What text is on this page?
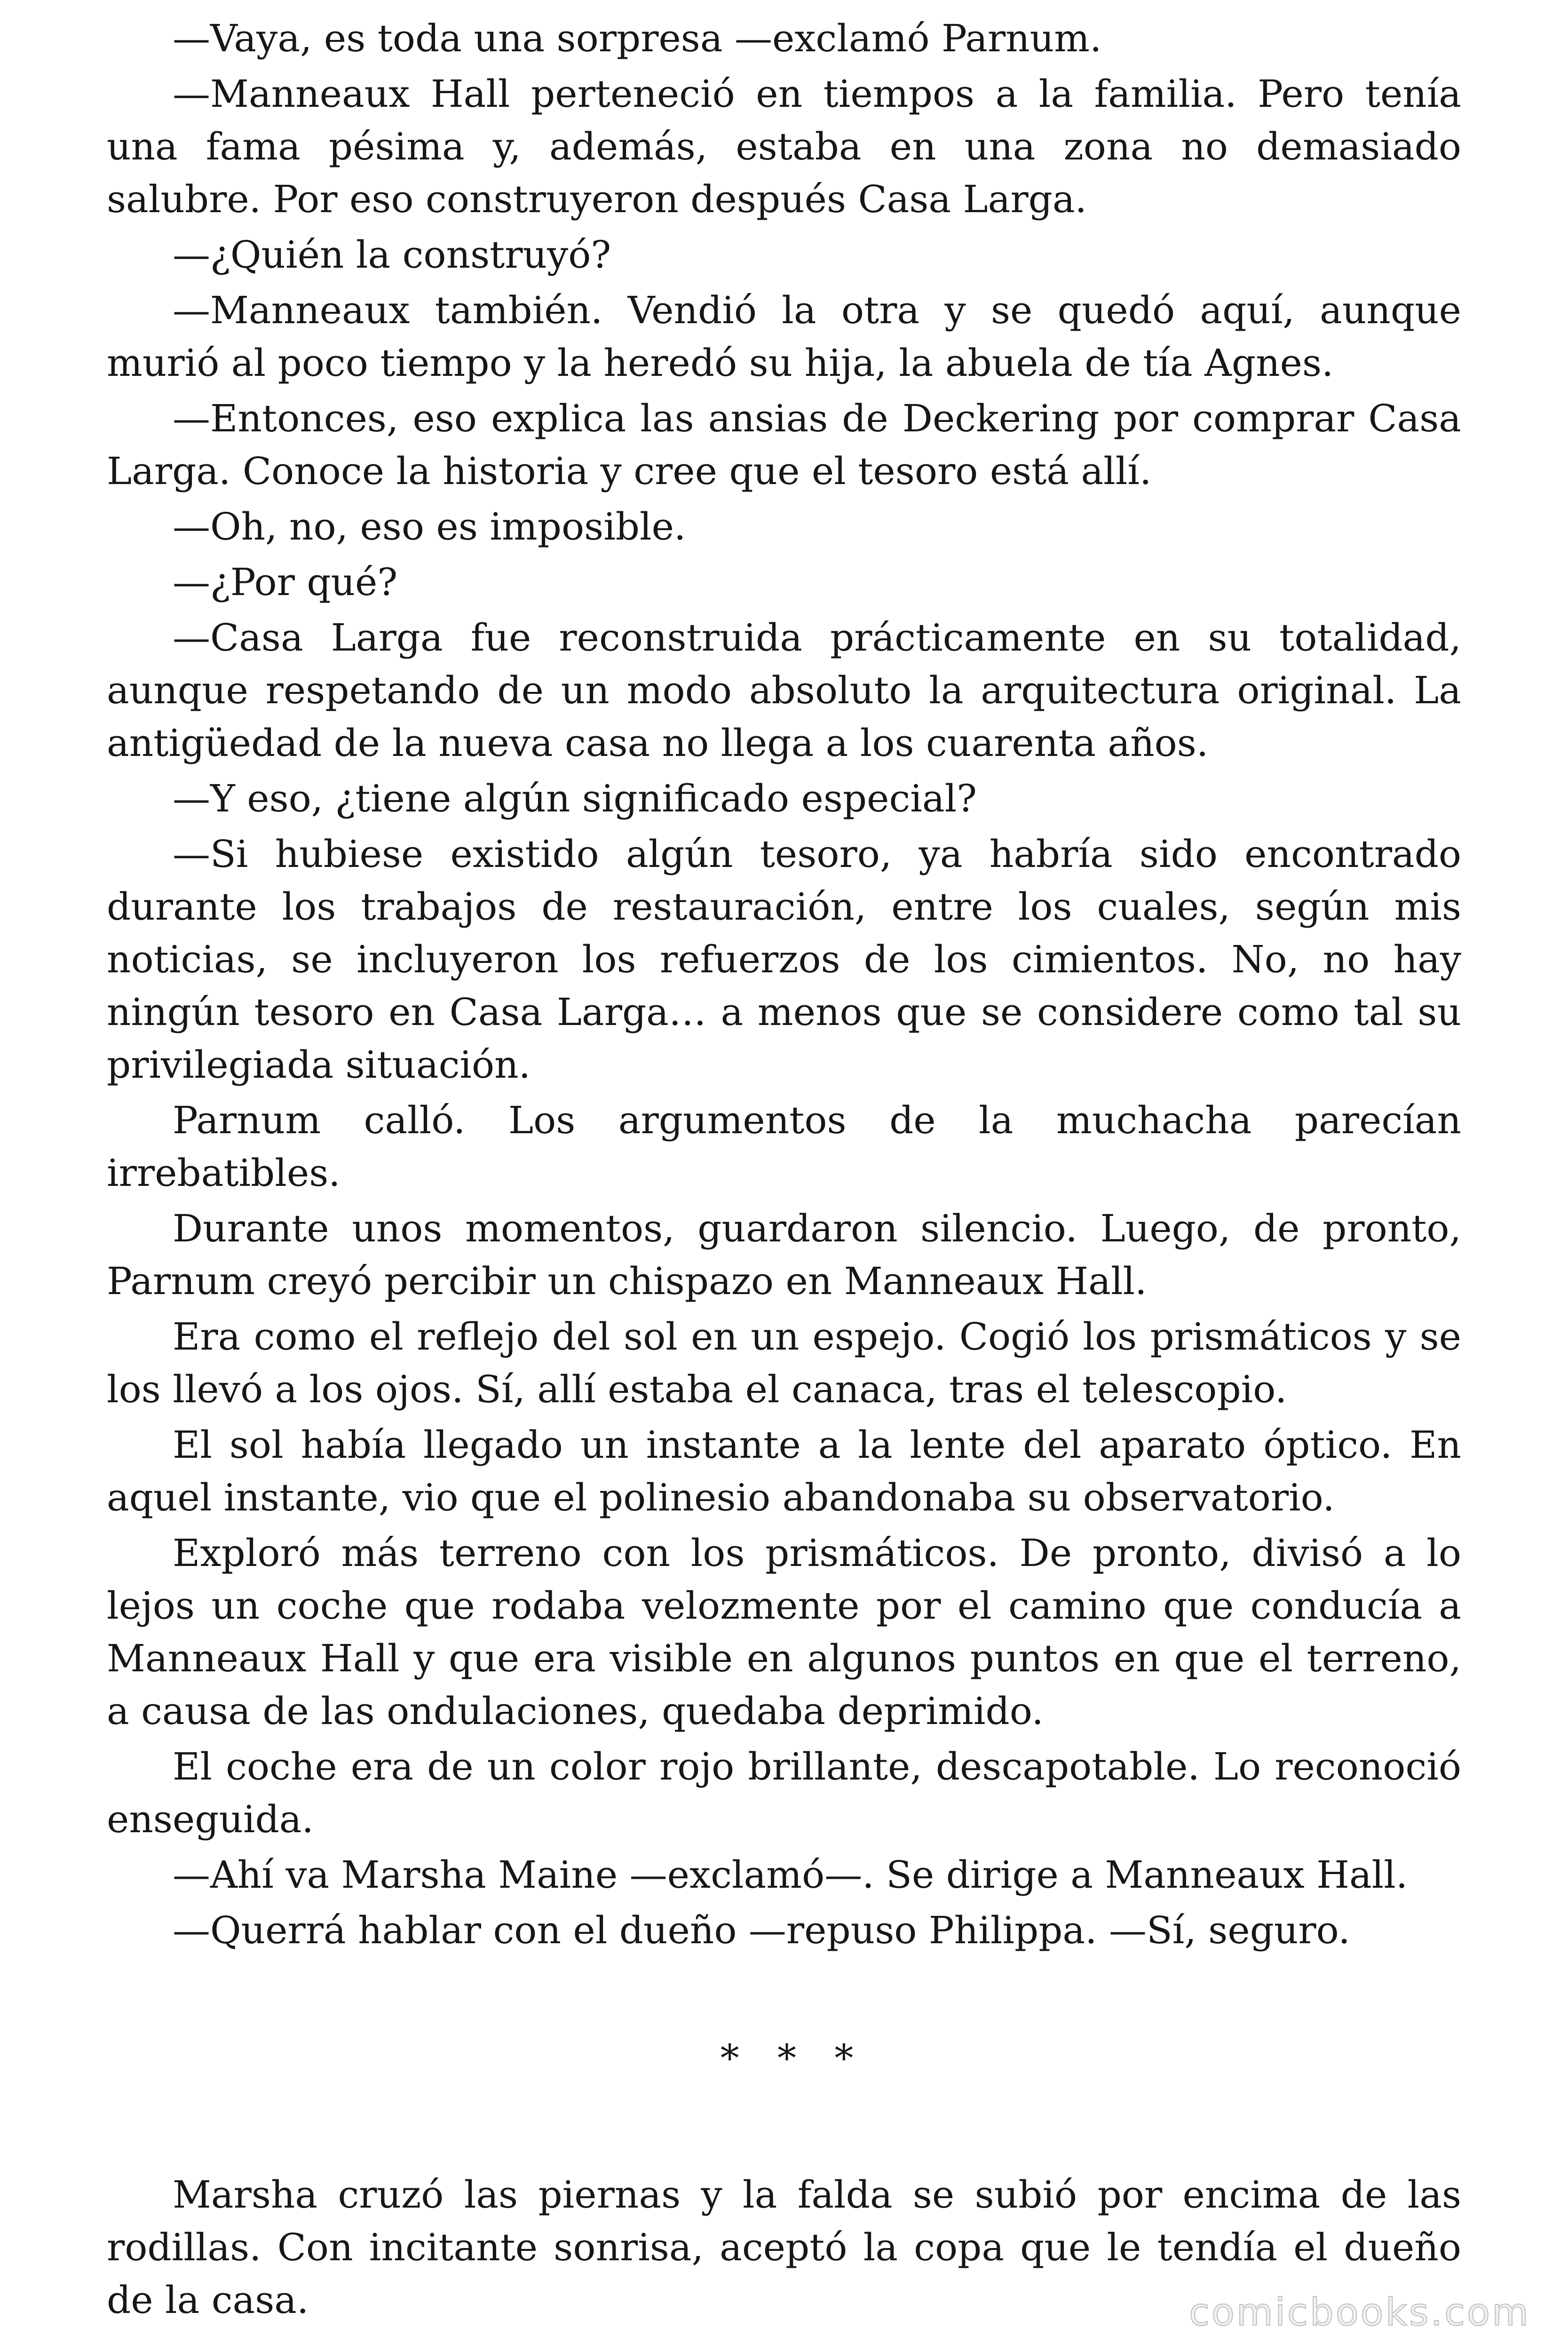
—Vaya, es toda una sorpresa —exclamó Parnum.

—Manneaux Hall perteneció en tiempos a la familia. Pero tenía una fama pésima y, además, estaba en una zona no demasiado salubre. Por eso construyeron después Casa Larga.

—¿Quién la construyó?

—Manneaux también. Vendió la otra y se quedó aquí, aunque murió al poco tiempo y la heredó su hija, la abuela de tía Agnes.

—Entonces, eso explica las ansias de Deckering por comprar Casa Larga. Conoce la historia y cree que el tesoro está allí.

—Oh, no, eso es imposible.

—¿Por qué?

—Casa Larga fue reconstruida prácticamente en su totalidad, aunque respetando de un modo absoluto la arquitectura original. La antigüedad de la nueva casa no llega a los cuarenta años.

—Y eso, ¿tiene algún significado especial?

—Si hubiese existido algún tesoro, ya habría sido encontrado durante los trabajos de restauración, entre los cuales, según mis noticias, se incluyeron los refuerzos de los cimientos. No, no hay ningún tesoro en Casa Larga… a menos que se considere como tal su privilegiada situación.

Parnum calló. Los argumentos de la muchacha parecían irrebatibles.

Durante unos momentos, guardaron silencio. Luego, de pronto, Parnum creyó percibir un chispazo en Manneaux Hall.

Era como el reflejo del sol en un espejo. Cogió los prismáticos y se los llevó a los ojos. Sí, allí estaba el canaca, tras el telescopio.

El sol había llegado un instante a la lente del aparato óptico. En aquel instante, vio que el polinesio abandonaba su observatorio.

Exploró más terreno con los prismáticos. De pronto, divisó a lo lejos un coche que rodaba velozmente por el camino que conducía a Manneaux Hall y que era visible en algunos puntos en que el terreno, a causa de las ondulaciones, quedaba deprimido.

El coche era de un color rojo brillante, descapotable. Lo reconoció enseguida.

—Ahí va Marsha Maine —exclamó—. Se dirige a Manneaux Hall.

—Querrá hablar con el dueño —repuso Philippa. —Sí, seguro.

* * *

Marsha cruzó las piernas y la falda se subió por encima de las rodillas. Con incitante sonrisa, aceptó la copa que le tendía el dueño de la casa.	comicbooks.com
